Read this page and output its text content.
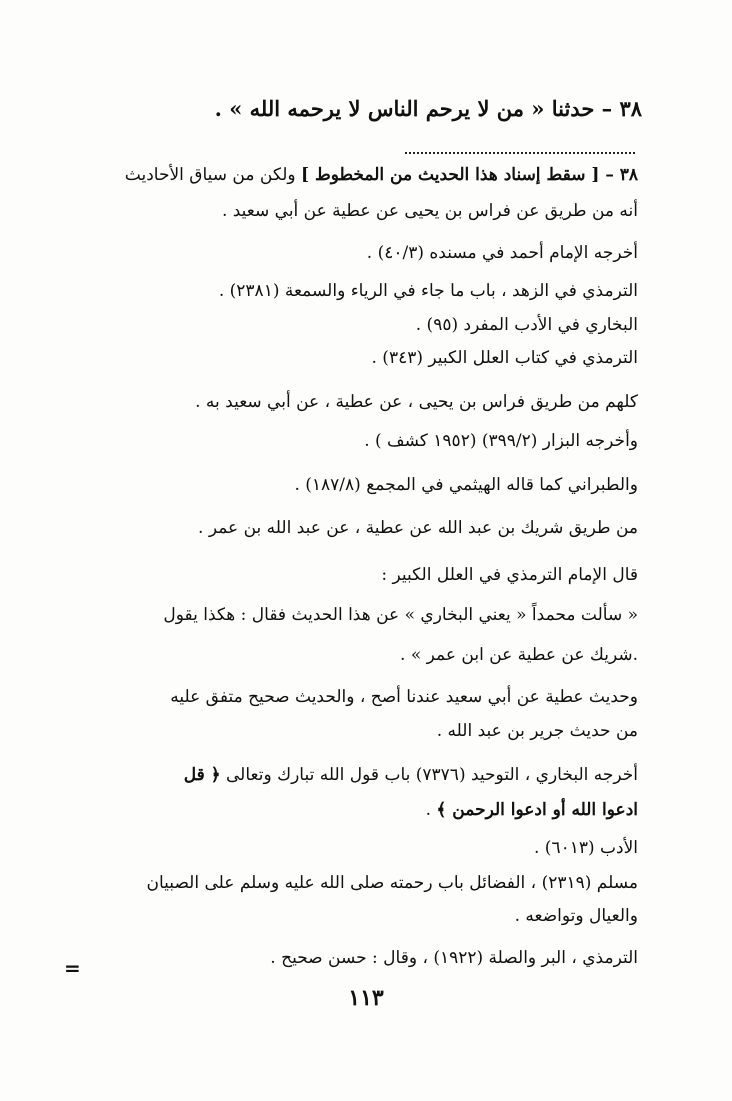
٣٨ – حدثنا « من لا يرحم الناس لا يرحمه الله » .
٣٨ – [ سقط إسناد هذا الحديث من المخطوط ] ولكن من سياق الأحاديث
أنه من طريق عن فراس بن يحيى عن عطية عن أبي سعيد .
أخرجه الإمام أحمد في مسنده (٤٠/٣) .
الترمذي في الزهد ، باب ما جاء في الرياء والسمعة (٢٣٨١) .
البخاري في الأدب المفرد (٩٥) .
الترمذي في كتاب العلل الكبير (٣٤٣) .
كلهم من طريق فراس بن يحيى ، عن عطية ، عن أبي سعيد به .
وأخرجه البزار (٣٩٩/٢) (١٩٥٢ كشف ) .
والطبراني كما قاله الهيثمي في المجمع (١٨٧/٨) .
من طريق شريك بن عبد الله عن عطية ، عن عبد الله بن عمر .
قال الإمام الترمذي في العلل الكبير :
« سألت محمداً « يعني البخاري » عن هذا الحديث فقال : هكذا يقول
.شريك عن عطية عن ابن عمر » .
وحديث عطية عن أبي سعيد عندنا أصح ، والحديث صحيح متفق عليه
من حديث جرير بن عبد الله .
أخرجه البخاري ، التوحيد (٧٣٧٦) باب قول الله تبارك وتعالى ﴿ قل
ادعوا الله أو ادعوا الرحمن ﴾ .
الأدب (٦٠١٣) .
مسلم (٢٣١٩) ، الفضائل باب رحمته صلى الله عليه وسلم على الصبيان
والعيال وتواضعه .
الترمذي ، البر والصلة (١٩٢٢) ، وقال : حسن صحيح .
=
١١٣
